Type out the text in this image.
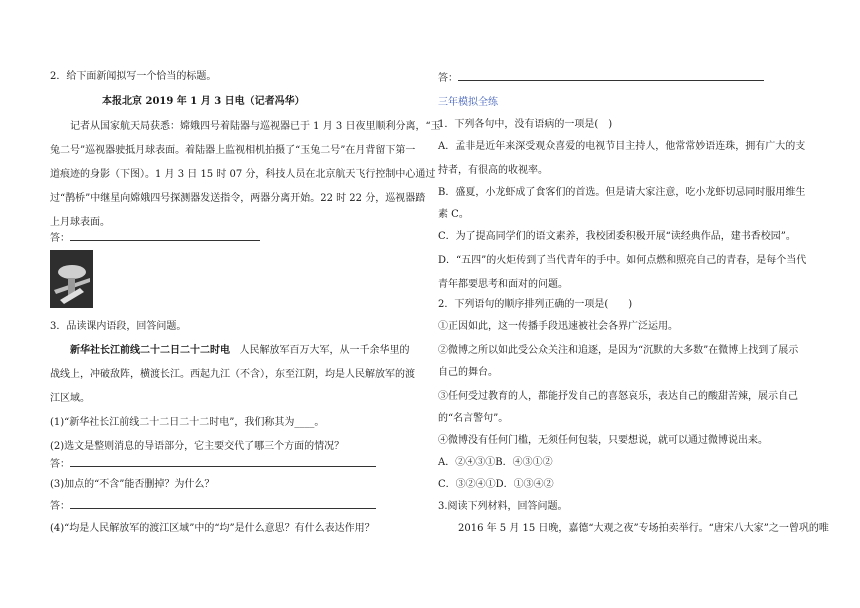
2．给下面新闻拟写一个恰当的标题。
本报北京 2019 年 1 月 3 日电（记者冯华）
记者从国家航天局获悉：嫦娥四号着陆器与巡视器已于 1 月 3 日夜里顺利分离，“玉
兔二号”巡视器驶抵月球表面。着陆器上监视相机拍摄了“玉兔二号”在月背留下第一
道痕迹的身影（下图）。1 月 3 日 15 时 07 分，科技人员在北京航天飞行控制中心通过
过“鹊桥”中继星向嫦娥四号探测器发送指令，两器分离开始。22 时 22 分，巡视器踏
上月球表面。
答：
3．品读课内语段，回答问题。
新华社长江前线二十二日二十二时电 人民解放军百万大军，从一千余华里的
战线上，冲破敌阵，横渡长江。西起九江（不含），东至江阴，均是人民解放军的渡
江区域。
(1)“新华社长江前线二十二日二十二时电”，我们称其为____。
(2)选文是整则消息的导语部分，它主要交代了哪三个方面的情况？
答：
(3)加点的“不含”能否删掉？为什么？
答：
(4)“均是人民解放军的渡江区域”中的“均”是什么意思？有什么表达作用？
答：
三年模拟全练
1．下列各句中，没有语病的一项是(　)
A．孟非是近年来深受观众喜爱的电视节目主持人，他常常妙语连珠，拥有广大的支
持者，有很高的收视率。
B．盛夏，小龙虾成了食客们的首选。但是请大家注意，吃小龙虾切忌同时服用维生
素 C。
C．为了提高同学们的语文素养，我校团委积极开展“读经典作品，建书香校园”。
D．“五四”的火炬传到了当代青年的手中。如何点燃和照亮自己的青春，是每个当代
青年都要思考和面对的问题。
2．下列语句的顺序排列正确的一项是(　　)
①正因如此，这一传播手段迅速被社会各界广泛运用。
②微博之所以如此受公众关注和追逐，是因为“沉默的大多数”在微博上找到了展示
自己的舞台。
③任何受过教育的人，都能抒发自己的喜怒哀乐，表达自己的酸甜苦辣，展示自己
的“名言警句”。
④微博没有任何门槛，无须任何包装，只要想说，就可以通过微博说出来。
A．②④③①B．④③①②
C．③②④①D．①③④②
3.阅读下列材料，回答问题。
2016 年 5 月 15 日晚，嘉德“大观之夜”专场拍卖举行。“唐宋八大家”之一曾巩的唯
